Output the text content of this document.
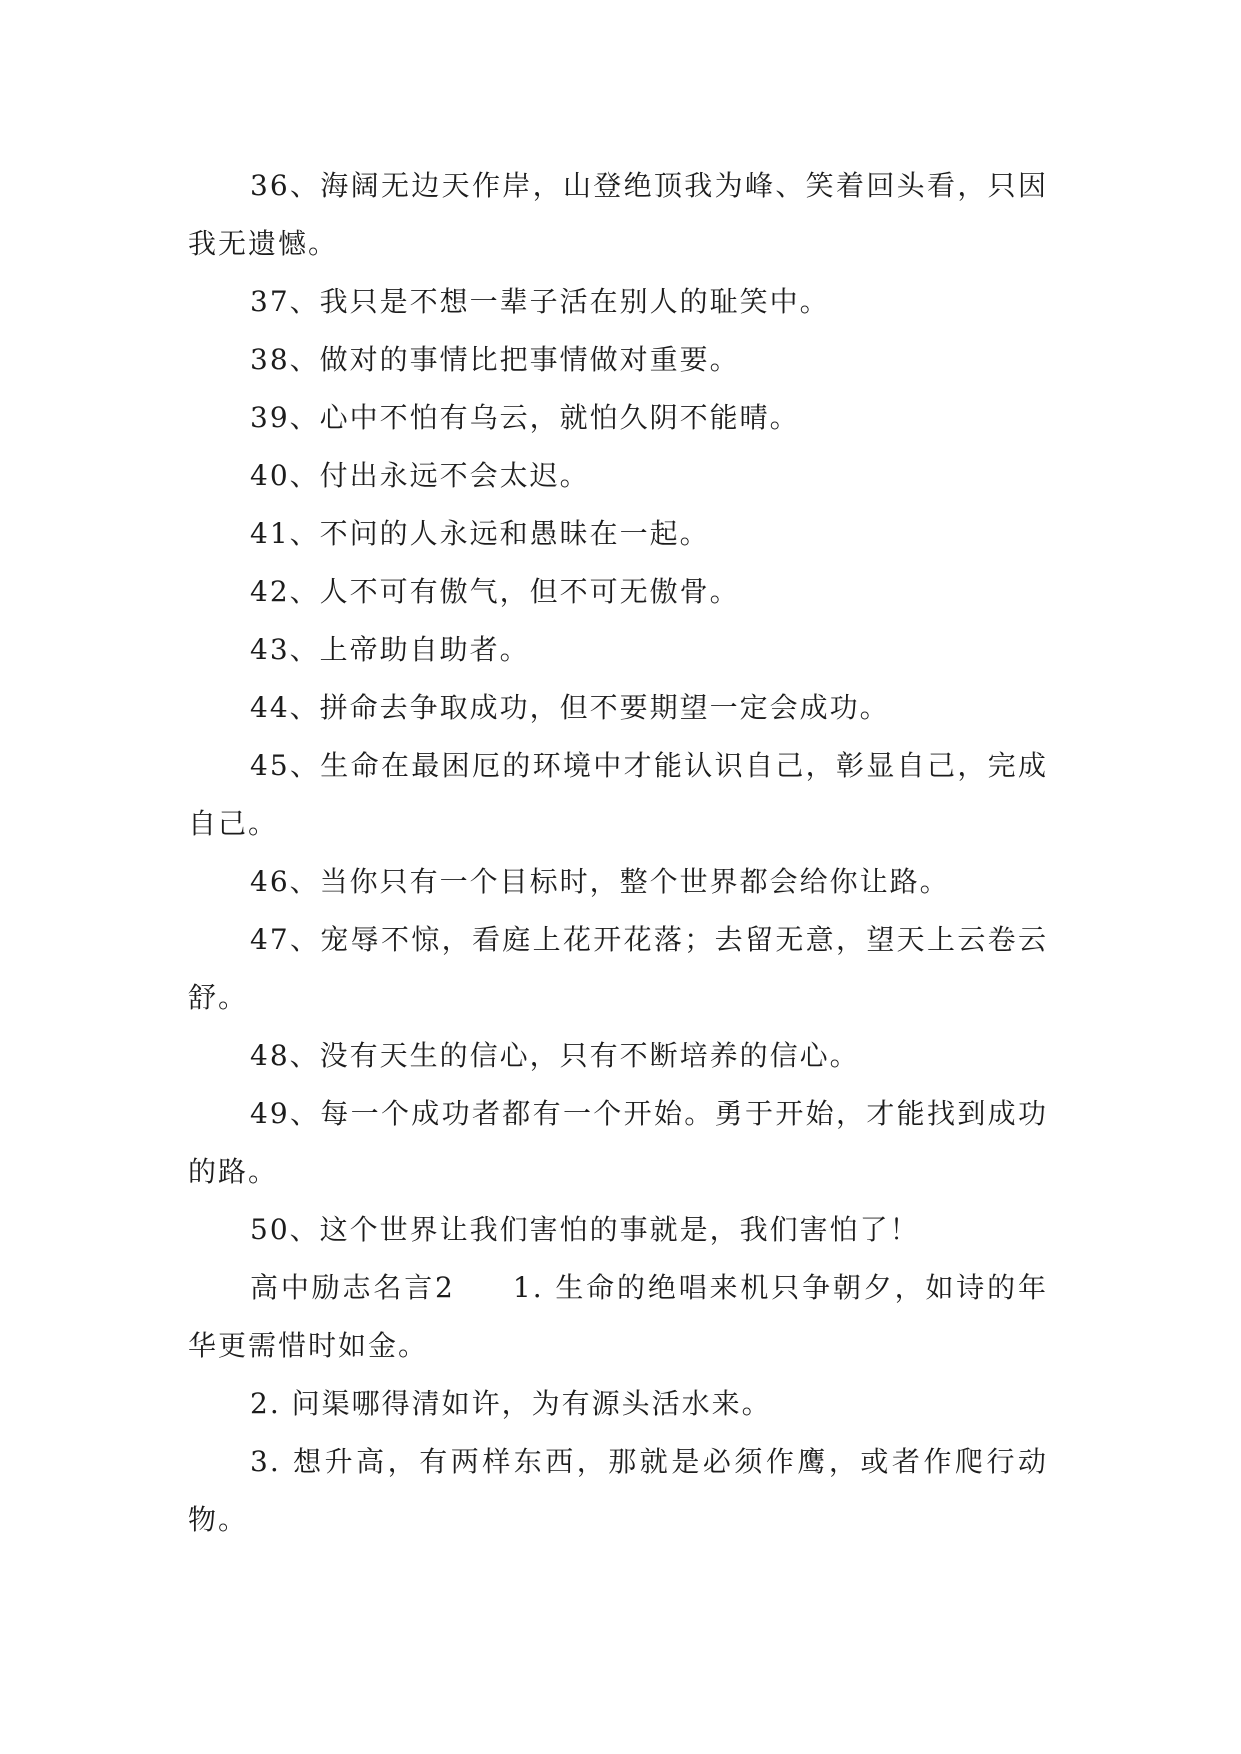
36、海阔无边天作岸，山登绝顶我为峰、笑着回头看，只因我无遗憾。

37、我只是不想一辈子活在别人的耻笑中。

38、做对的事情比把事情做对重要。

39、心中不怕有乌云，就怕久阴不能晴。

40、付出永远不会太迟。

41、不问的人永远和愚昧在一起。

42、人不可有傲气，但不可无傲骨。

43、上帝助自助者。

44、拼命去争取成功，但不要期望一定会成功。

45、生命在最困厄的环境中才能认识自己，彰显自己，完成自己。

46、当你只有一个目标时，整个世界都会给你让路。

47、宠辱不惊，看庭上花开花落；去留无意，望天上云卷云舒。

48、没有天生的信心，只有不断培养的信心。

49、每一个成功者都有一个开始。勇于开始，才能找到成功的路。

50、这个世界让我们害怕的事就是，我们害怕了！

高中励志名言2 1. 生命的绝唱来机只争朝夕，如诗的年华更需惜时如金。

2. 问渠哪得清如许，为有源头活水来。

3. 想升高，有两样东西，那就是必须作鹰，或者作爬行动物。
